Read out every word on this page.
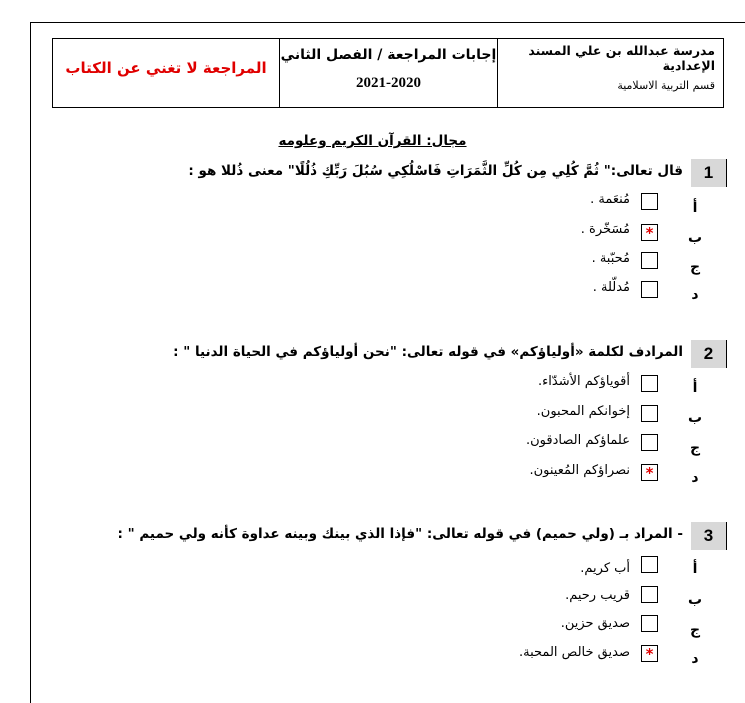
مدرسة عبدالله بن علي المسند الإعدادية
قسم التربية الاسلامية
إجابات المراجعة / الفصل الثاني
2021-2020
المراجعة لا تغني عن الكتاب
مجال: القرآن الكريم وعلومه
1
قال تعالى:" ثُمَّ كُلِي مِن كُلِّ الثَّمَرَاتِ فَاسْلُكِي سُبُلَ رَبِّكِ ذُلُلًا" معنى ذُللا هو :
أ
مُنعَمة .
ب
*
مُسَخّرة .
ج
مُحبّبة .
د
مُدلّلة .
2
المرادف لكلمة «أولياؤكم» في قوله تعالى: "نحن أولياؤكم في الحياة الدنيا " :
أ
أقوياؤكم الأشدّاء.
ب
إخوانكم المحبون.
ج
علماؤكم الصادقون.
د
*
نصراؤكم المُعينون.
3
- المراد بـ (ولي حميم) في قوله تعالى: "فإذا الذي بينك وبينه عداوة كأنه ولي حميم " :
أ
أب كريم.
ب
قريب رحيم.
ج
صديق حزين.
د
*
صديق خالص المحبة.
